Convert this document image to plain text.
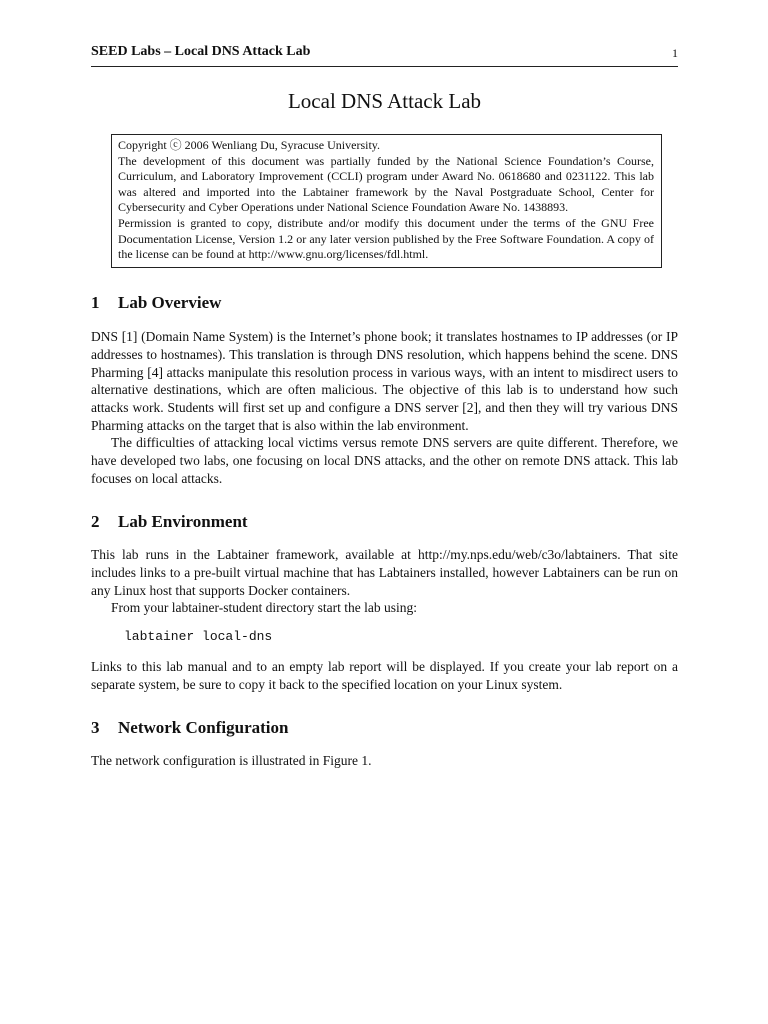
SEED Labs – Local DNS Attack Lab	1
Local DNS Attack Lab

Copyright ⓒ 2006 Wenliang Du, Syracuse University.

The development of this document was partially funded by the National Science Foundation’s Course, Curriculum, and Laboratory Improvement (CCLI) program under Award No. 0618680 and 0231122. This lab was altered and imported into the Labtainer framework by the Naval Postgraduate School, Center for Cybersecurity and Cyber Operations under National Science Foundation Aware No. 1438893.

Permission is granted to copy, distribute and/or modify this document under the terms of the GNU Free Documentation License, Version 1.2 or any later version published by the Free Software Foundation. A copy of the license can be found at http://www.gnu.org/licenses/fdl.html.

1 Lab Overview

DNS [1] (Domain Name System) is the Internet’s phone book; it translates hostnames to IP addresses (or IP addresses to hostnames). This translation is through DNS resolution, which happens behind the scene. DNS Pharming [4] attacks manipulate this resolution process in various ways, with an intent to misdirect users to alternative destinations, which are often malicious. The objective of this lab is to understand how such attacks work. Students will first set up and configure a DNS server [2], and then they will try various DNS Pharming attacks on the target that is also within the lab environment.

The difficulties of attacking local victims versus remote DNS servers are quite different. Therefore, we have developed two labs, one focusing on local DNS attacks, and the other on remote DNS attack. This lab focuses on local attacks.

2 Lab Environment

This lab runs in the Labtainer framework, available at http://my.nps.edu/web/c3o/labtainers. That site includes links to a pre-built virtual machine that has Labtainers installed, however Labtainers can be run on any Linux host that supports Docker containers.

From your labtainer-student directory start the lab using:

labtainer local-dns

Links to this lab manual and to an empty lab report will be displayed. If you create your lab report on a separate system, be sure to copy it back to the specified location on your Linux system.

3 Network Configuration

The network configuration is illustrated in Figure 1.
